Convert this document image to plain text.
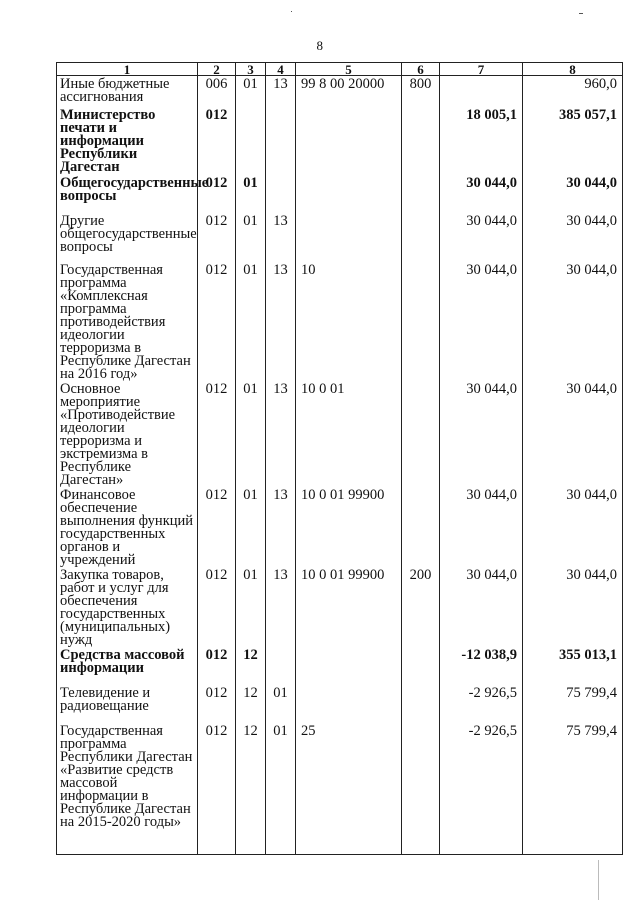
8
1	2	3	4	5	6	7	8
Иные бюджетные ассигнования	006	01	13	99 8 00 20000	800		960,0
Министерство печати и информации Республики Дагестан	012					18 005,1	385 057,1
Общегосударственные вопросы	012	01				30 044,0	30 044,0
Другие общегосударственные вопросы	012	01	13			30 044,0	30 044,0
Государственная программа «Комплексная программа противодействия идеологии терроризма в Республике Дагестан на 2016 год»	012	01	13	10		30 044,0	30 044,0
Основное мероприятие «Противодействие идеологии терроризма и экстремизма в Республике Дагестан»	012	01	13	10 0 01		30 044,0	30 044,0
Финансовое обеспечение выполнения функций государственных органов и учреждений	012	01	13	10 0 01 99900		30 044,0	30 044,0
Закупка товаров, работ и услуг для обеспечения государственных (муниципальных) нужд	012	01	13	10 0 01 99900	200	30 044,0	30 044,0
Средства массовой информации	012	12				-12 038,9	355 013,1
Телевидение и радиовещание	012	12	01			-2 926,5	75 799,4
Государственная программа Республики Дагестан «Развитие средств массовой информации в Республике Дагестан на 2015-2020 годы»	012	12	01	25		-2 926,5	75 799,4
